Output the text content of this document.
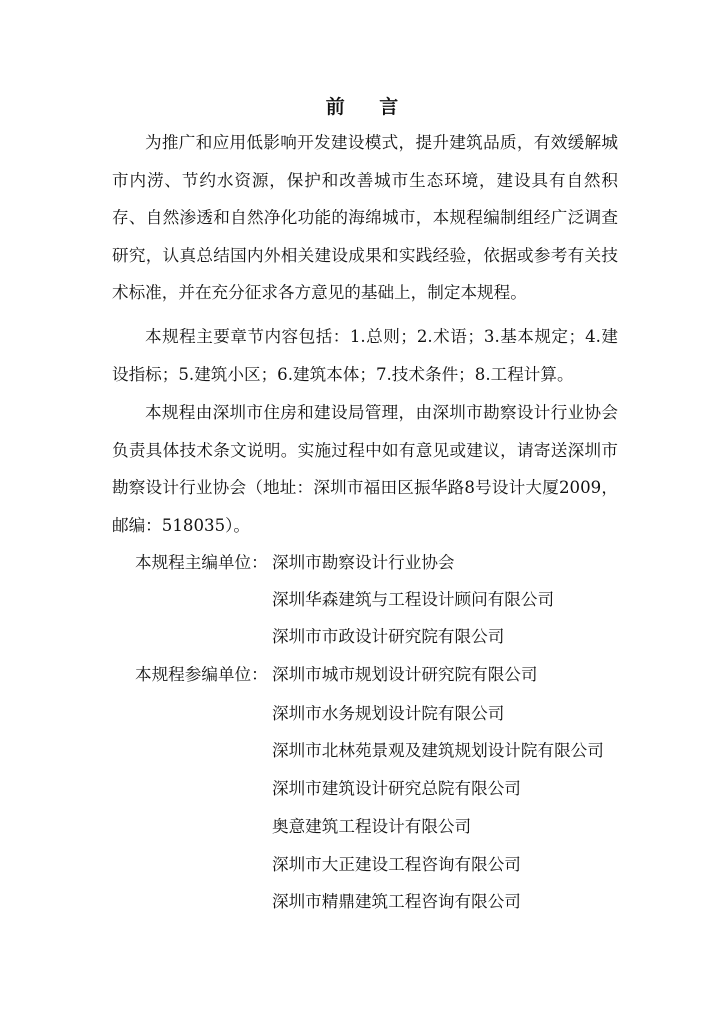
前 言

为推广和应用低影响开发建设模式，提升建筑品质，有效缓解城市内涝、节约水资源，保护和改善城市生态环境，建设具有自然积存、自然渗透和自然净化功能的海绵城市，本规程编制组经广泛调查研究，认真总结国内外相关建设成果和实践经验，依据或参考有关技术标准，并在充分征求各方意见的基础上，制定本规程。

本规程主要章节内容包括：1.总则；2.术语；3.基本规定；4.建设指标；5.建筑小区；6.建筑本体；7.技术条件；8.工程计算。

本规程由深圳市住房和建设局管理，由深圳市勘察设计行业协会负责具体技术条文说明。实施过程中如有意见或建议，请寄送深圳市勘察设计行业协会（地址：深圳市福田区振华路8号设计大厦2009，邮编：518035）。

本规程主编单位： 深圳市勘察设计行业协会
深圳华森建筑与工程设计顾问有限公司
深圳市市政设计研究院有限公司
本规程参编单位： 深圳市城市规划设计研究院有限公司
深圳市水务规划设计院有限公司
深圳市北林苑景观及建筑规划设计院有限公司
深圳市建筑设计研究总院有限公司
奥意建筑工程设计有限公司
深圳市大正建设工程咨询有限公司
深圳市精鼎建筑工程咨询有限公司
